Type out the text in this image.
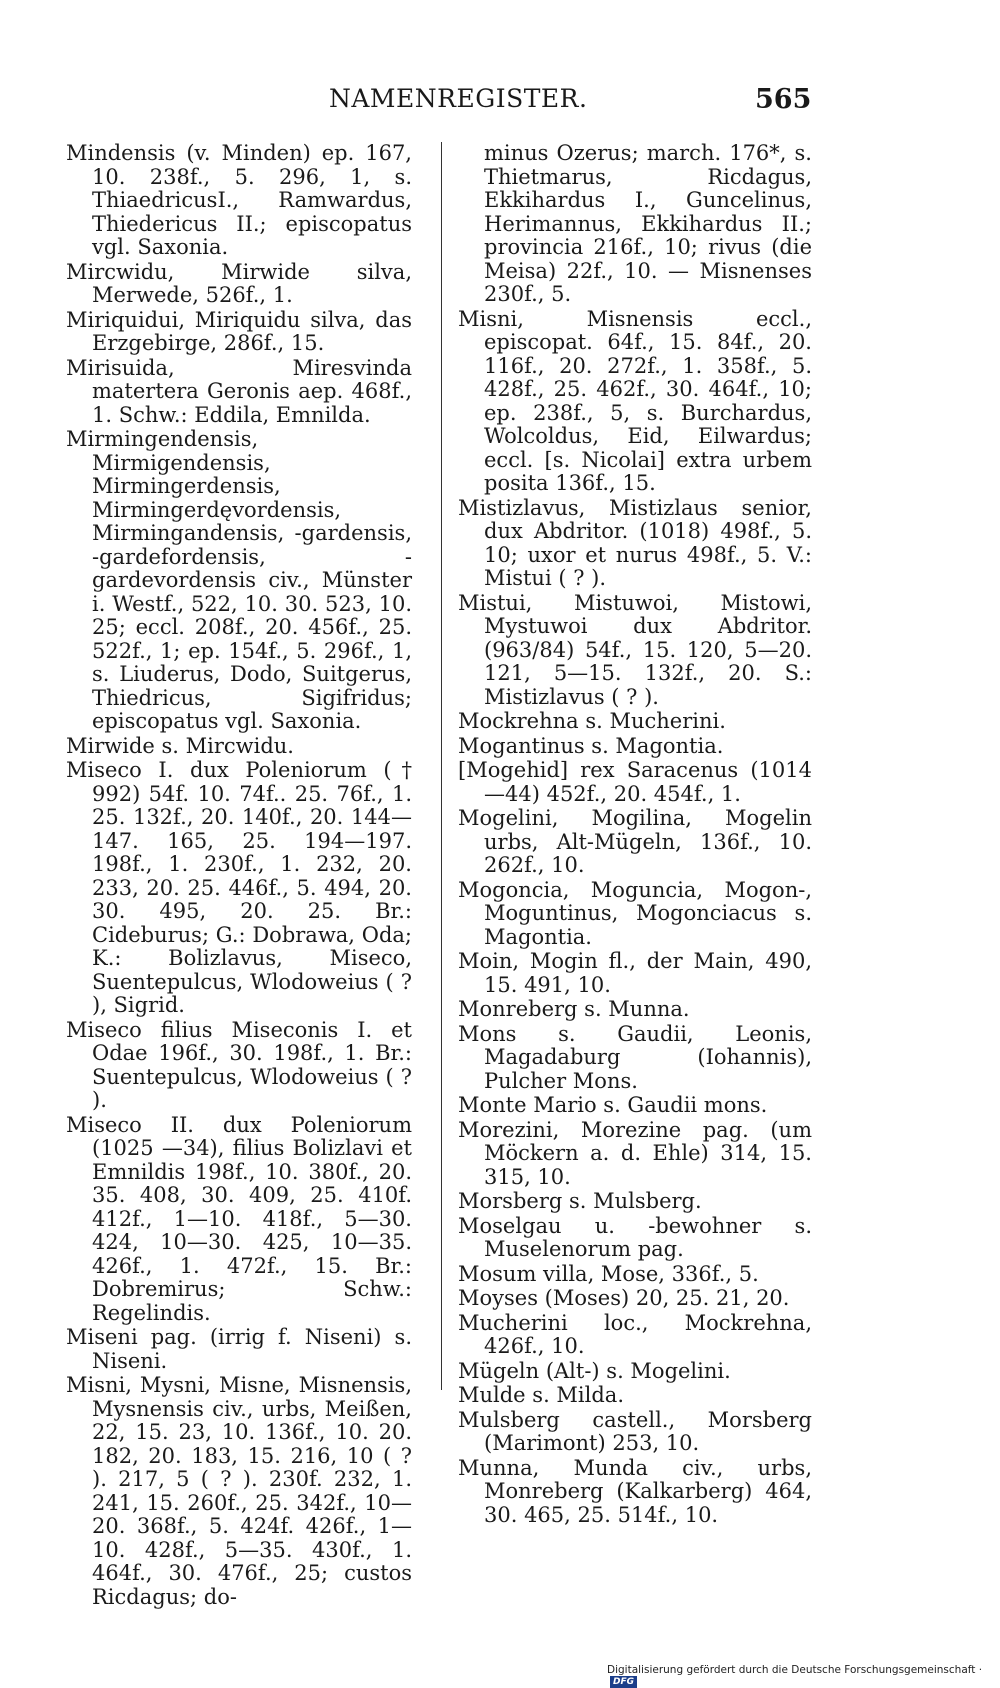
NAMENREGISTER.	565

Mindensis (v. Minden) ep. 167, 10. 238f., 5. 296, 1, s. ThiaedricusI., Ramwardus, Thiedericus II.; episcopatus vgl. Saxonia.

Mircwidu, Mirwide silva, Merwede, 526f., 1.

Miriquidui, Miriquidu silva, das Erzgebirge, 286f., 15.

Mirisuida, Miresvinda matertera Geronis aep. 468f., 1. Schw.: Eddila, Emnilda.

Mirmingendensis, Mirmigendensis, Mirmingerdensis, Mirmingerdęvordensis, Mirmingandensis, -gardensis, -gardefordensis, -gardevordensis civ., Münster i. Westf., 522, 10. 30. 523, 10. 25; eccl. 208f., 20. 456f., 25. 522f., 1; ep. 154f., 5. 296f., 1, s. Liuderus, Dodo, Suitgerus, Thiedricus, Sigifridus; episcopatus vgl. Saxonia.

Mirwide s. Mircwidu.

Miseco I. dux Poleniorum († 992) 54f. 10. 74f.. 25. 76f., 1. 25. 132f., 20. 140f., 20. 144—147. 165, 25. 194—197. 198f., 1. 230f., 1. 232, 20. 233, 20. 25. 446f., 5. 494, 20. 30. 495, 20. 25. Br.: Cideburus; G.: Dobrawa, Oda; K.: Bolizlavus, Miseco, Suentepulcus, Wlodoweius ( ? ), Sigrid.

Miseco filius Miseconis I. et Odae 196f., 30. 198f., 1. Br.: Suentepulcus, Wlodoweius ( ? ).

Miseco II. dux Poleniorum (1025 —34), filius Bolizlavi et Emnildis 198f., 10. 380f., 20. 35. 408, 30. 409, 25. 410f. 412f., 1—10. 418f., 5—30. 424, 10—30. 425, 10—35. 426f., 1. 472f., 15. Br.: Dobremirus; Schw.: Regelindis.

Miseni pag. (irrig f. Niseni) s. Niseni.

Misni, Mysni, Misne, Misnensis, Mysnensis civ., urbs, Meißen, 22, 15. 23, 10. 136f., 10. 20. 182, 20. 183, 15. 216, 10 ( ? ). 217, 5 ( ? ). 230f. 232, 1. 241, 15. 260f., 25. 342f., 10—20. 368f., 5. 424f. 426f., 1—10. 428f., 5—35. 430f., 1. 464f., 30. 476f., 25; custos Ricdagus; do-

minus Ozerus; march. 176*, s. Thietmarus, Ricdagus, Ekkihardus I., Guncelinus, Herimannus, Ekkihardus II.; provincia 216f., 10; rivus (die Meisa) 22f., 10. — Misnenses 230f., 5.

Misni, Misnensis eccl., episcopat. 64f., 15. 84f., 20. 116f., 20. 272f., 1. 358f., 5. 428f., 25. 462f., 30. 464f., 10; ep. 238f., 5, s. Burchardus, Wolcoldus, Eid, Eilwardus; eccl. [s. Nicolai] extra urbem posita 136f., 15.

Mistizlavus, Mistizlaus senior, dux Abdritor. (1018) 498f., 5. 10; uxor et nurus 498f., 5. V.: Mistui ( ? ).

Mistui, Mistuwoi, Mistowi, Mystuwoi dux Abdritor. (963/84) 54f., 15. 120, 5—20. 121, 5—15. 132f., 20. S.: Mistizlavus ( ? ).

Mockrehna s. Mucherini.

Mogantinus s. Magontia.

[Mogehid] rex Saracenus (1014 —44) 452f., 20. 454f., 1.

Mogelini, Mogilina, Mogelin urbs, Alt-Mügeln, 136f., 10. 262f., 10.

Mogoncia, Moguncia, Mogon-, Moguntinus, Mogonciacus s. Magontia.

Moin, Mogin fl., der Main, 490, 15. 491, 10.

Monreberg s. Munna.

Mons s. Gaudii, Leonis, Magadaburg (Iohannis), Pulcher Mons.

Monte Mario s. Gaudii mons.

Morezini, Morezine pag. (um Möckern a. d. Ehle) 314, 15. 315, 10.

Morsberg s. Mulsberg.

Moselgau u. -bewohner s. Muselenorum pag.

Mosum villa, Mose, 336f., 5.

Moyses (Moses) 20, 25. 21, 20.

Mucherini loc., Mockrehna, 426f., 10.

Mügeln (Alt-) s. Mogelini.

Mulde s. Milda.

Mulsberg castell., Morsberg (Marimont) 253, 10.

Munna, Munda civ., urbs, Monreberg (Kalkarberg) 464, 30. 465, 25. 514f., 10.

Digitalisierung gefördert durch die Deutsche Forschungsgemeinschaft · DFG
